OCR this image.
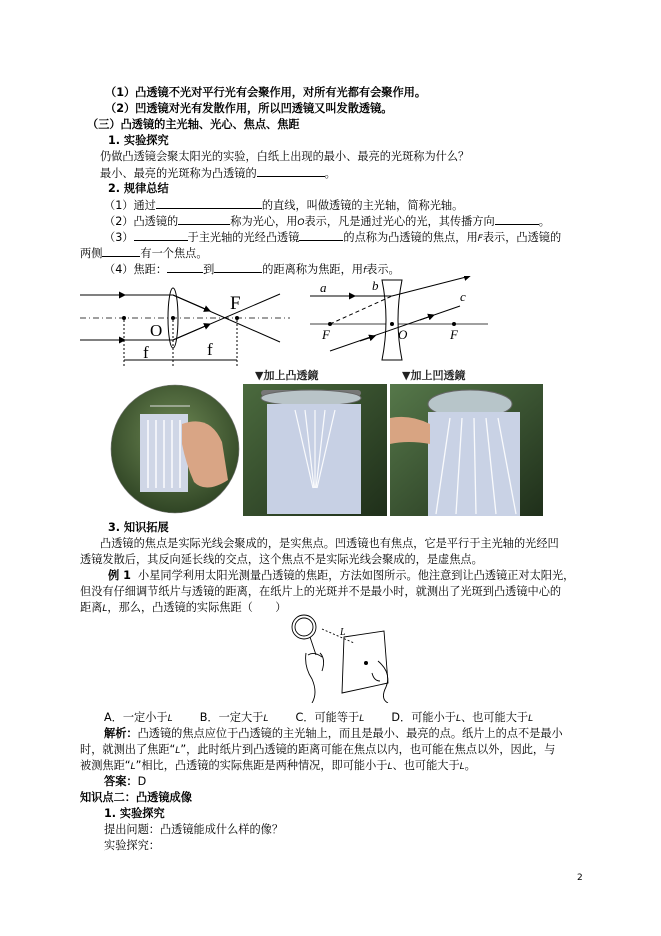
（1）凸透镜不光对平行光有会聚作用，对所有光都有会聚作用。
（2）凹透镜对光有发散作用，所以凹透镜又叫发散透镜。
（三）凸透镜的主光轴、光心、焦点、焦距
1. 实验探究
仍做凸透镜会聚太阳光的实验，白纸上出现的最小、最亮的光斑称为什么？
最小、最亮的光斑称为凸透镜的	。
2. 规律总结
（1）通过	的直线，叫做透镜的主光轴，简称光轴。
（2）凸透镜的	称为光心，用O表示，凡是通过光心的光，其传播方向	。
（3）	于主光轴的光经凸透镜	的点称为凸透镜的焦点，用F表示，凸透镜的
两侧	有一个焦点。
（4）焦距：	到	的距离称为焦距，用f表示。
F
O
f	f
a	b
c
F	O	F
▼加上凸透鏡	▼加上凹透鏡
3. 知识拓展
凸透镜的焦点是实际光线会聚成的，是实焦点。凹透镜也有焦点，它是平行于主光轴的光经凹
透镜发散后，其反向延长线的交点，这个焦点不是实际光线会聚成的，是虚焦点。
例 1 小星同学利用太阳光测量凸透镜的焦距，方法如图所示。他注意到让凸透镜正对太阳光，
但没有仔细调节纸片与透镜的距离，在纸片上的光斑并不是最小时，就测出了光斑到凸透镜中心的
距离L，那么，凸透镜的实际焦距（　　）
L
A．一定小于L B．一定大于L C．可能等于L D．可能小于L、也可能大于L
解析：凸透镜的焦点应位于凸透镜的主光轴上，而且是最小、最亮的点。纸片上的点不是最小
时，就测出了焦距“L”，此时纸片到凸透镜的距离可能在焦点以内，也可能在焦点以外，因此，与
被测焦距“L”相比，凸透镜的实际焦距是两种情况，即可能小于L、也可能大于L。
答案：D
知识点二：凸透镜成像
1. 实验探究
提出问题：凸透镜能成什么样的像？
实验探究：
2
